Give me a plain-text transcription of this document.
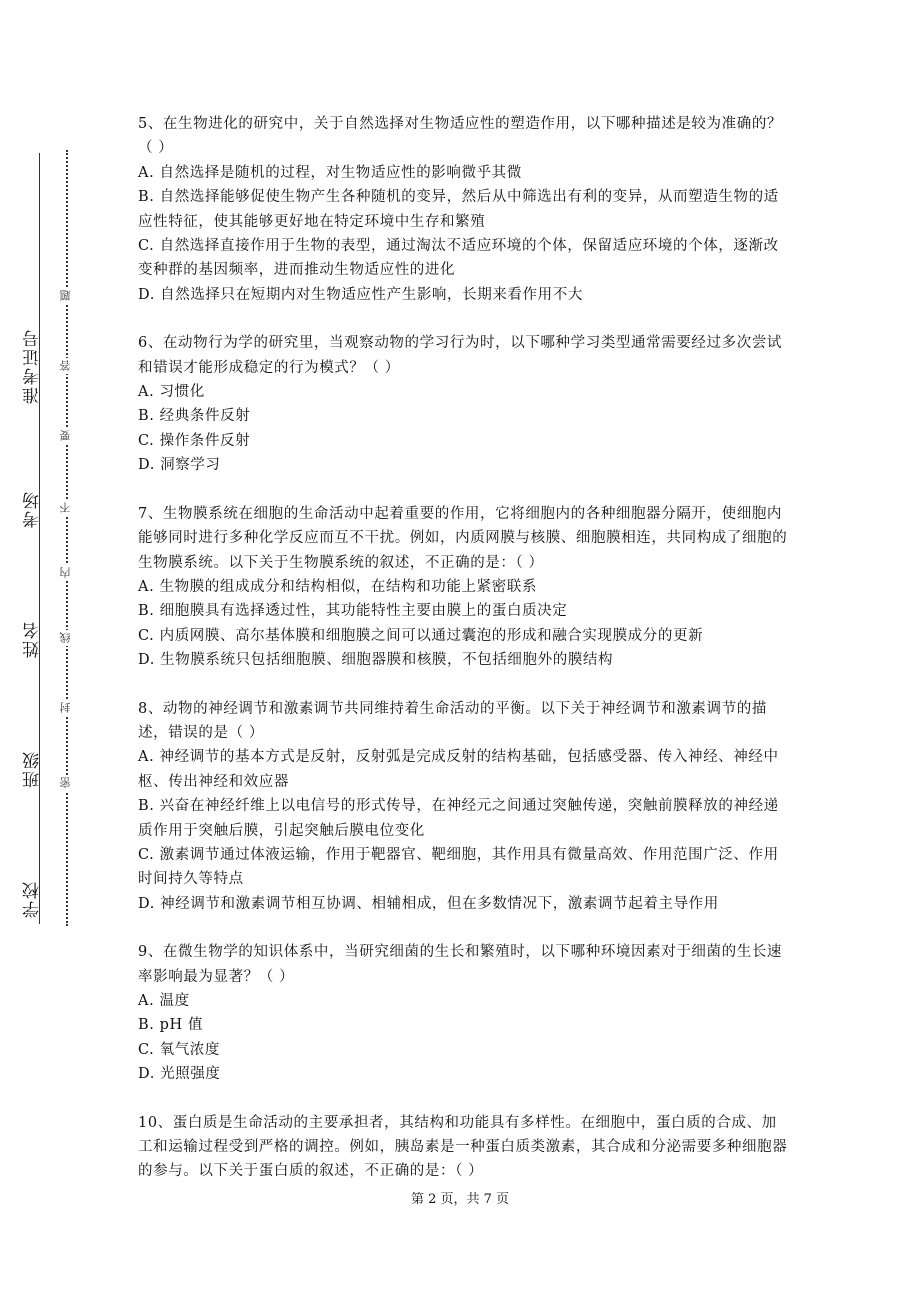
学校
班级
姓名
考场
准考证号
密
封
线
内
不
要
答
题

5、在生物进化的研究中，关于自然选择对生物适应性的塑造作用，以下哪种描述是较为准确的？（ ）

A. 自然选择是随机的过程，对生物适应性的影响微乎其微

B. 自然选择能够促使生物产生各种随机的变异，然后从中筛选出有利的变异，从而塑造生物的适应性特征，使其能够更好地在特定环境中生存和繁殖

C. 自然选择直接作用于生物的表型，通过淘汰不适应环境的个体，保留适应环境的个体，逐渐改变种群的基因频率，进而推动生物适应性的进化

D. 自然选择只在短期内对生物适应性产生影响，长期来看作用不大

6、在动物行为学的研究里，当观察动物的学习行为时，以下哪种学习类型通常需要经过多次尝试和错误才能形成稳定的行为模式？（ ）

A. 习惯化

B. 经典条件反射

C. 操作条件反射

D. 洞察学习

7、生物膜系统在细胞的生命活动中起着重要的作用，它将细胞内的各种细胞器分隔开，使细胞内能够同时进行多种化学反应而互不干扰。例如，内质网膜与核膜、细胞膜相连，共同构成了细胞的生物膜系统。以下关于生物膜系统的叙述，不正确的是：（ ）

A. 生物膜的组成成分和结构相似，在结构和功能上紧密联系

B. 细胞膜具有选择透过性，其功能特性主要由膜上的蛋白质决定

C. 内质网膜、高尔基体膜和细胞膜之间可以通过囊泡的形成和融合实现膜成分的更新

D. 生物膜系统只包括细胞膜、细胞器膜和核膜，不包括细胞外的膜结构

8、动物的神经调节和激素调节共同维持着生命活动的平衡。以下关于神经调节和激素调节的描述，错误的是（ ）

A. 神经调节的基本方式是反射，反射弧是完成反射的结构基础，包括感受器、传入神经、神经中枢、传出神经和效应器

B. 兴奋在神经纤维上以电信号的形式传导，在神经元之间通过突触传递，突触前膜释放的神经递质作用于突触后膜，引起突触后膜电位变化

C. 激素调节通过体液运输，作用于靶器官、靶细胞，其作用具有微量高效、作用范围广泛、作用时间持久等特点

D. 神经调节和激素调节相互协调、相辅相成，但在多数情况下，激素调节起着主导作用

9、在微生物学的知识体系中，当研究细菌的生长和繁殖时，以下哪种环境因素对于细菌的生长速率影响最为显著？（ ）

A. 温度

B. pH 值

C. 氧气浓度

D. 光照强度

10、蛋白质是生命活动的主要承担者，其结构和功能具有多样性。在细胞中，蛋白质的合成、加工和运输过程受到严格的调控。例如，胰岛素是一种蛋白质类激素，其合成和分泌需要多种细胞器的参与。以下关于蛋白质的叙述，不正确的是：（ ）

第 2 页，共 7 页
